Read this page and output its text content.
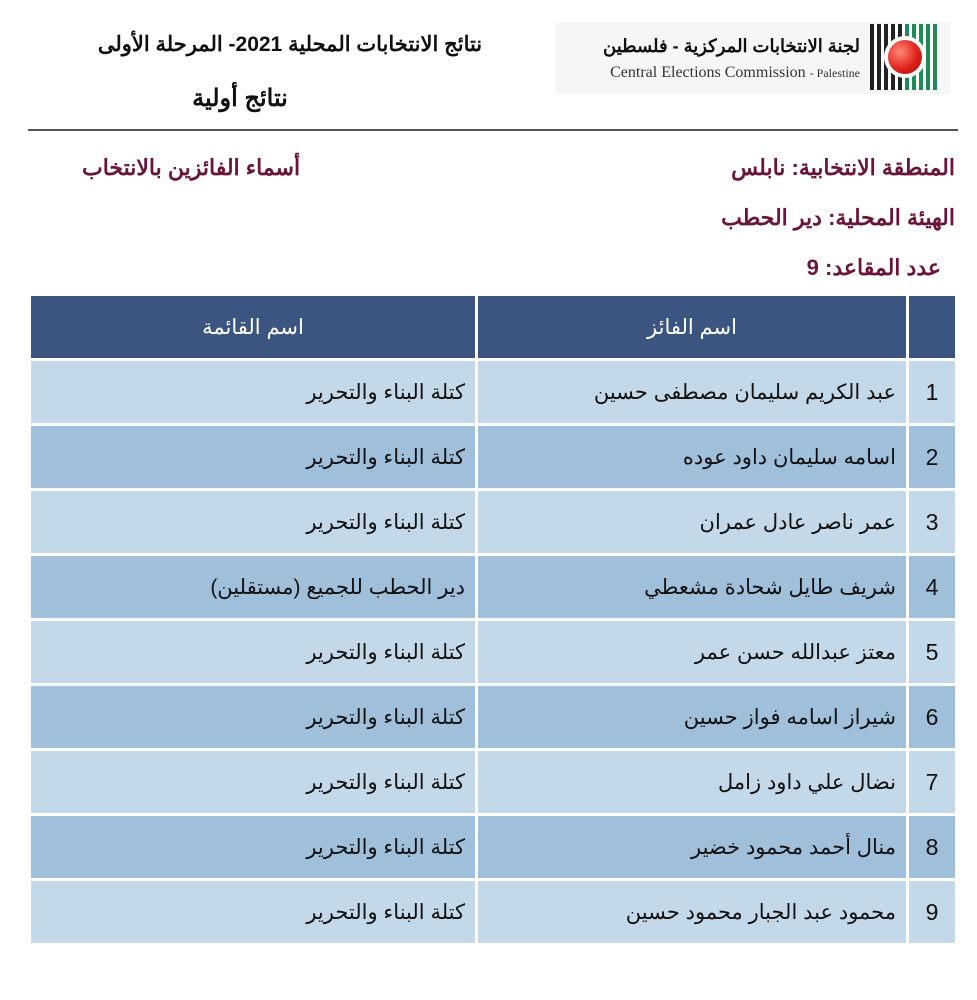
نتائج الانتخابات المحلية 2021- المرحلة الأولى
نتائج أولية
لجنة الانتخابات المركزية - فلسطين
Central Elections Commission - Palestine
المنطقة الانتخابية: نابلس
الهيئة المحلية: دير الحطب
عدد المقاعد: 9
أسماء الفائزين بالانتخاب
	اسم الفائز	اسم القائمة
1	عبد الكريم سليمان مصطفى حسين	كتلة البناء والتحرير
2	اسامه سليمان داود عوده	كتلة البناء والتحرير
3	عمر ناصر عادل عمران	كتلة البناء والتحرير
4	شريف طايل شحادة مشعطي	دير الحطب للجميع (مستقلين)
5	معتز عبدالله حسن عمر	كتلة البناء والتحرير
6	شيراز اسامه فواز حسين	كتلة البناء والتحرير
7	نضال علي داود زامل	كتلة البناء والتحرير
8	منال أحمد محمود خضير	كتلة البناء والتحرير
9	محمود عبد الجبار محمود حسين	كتلة البناء والتحرير
